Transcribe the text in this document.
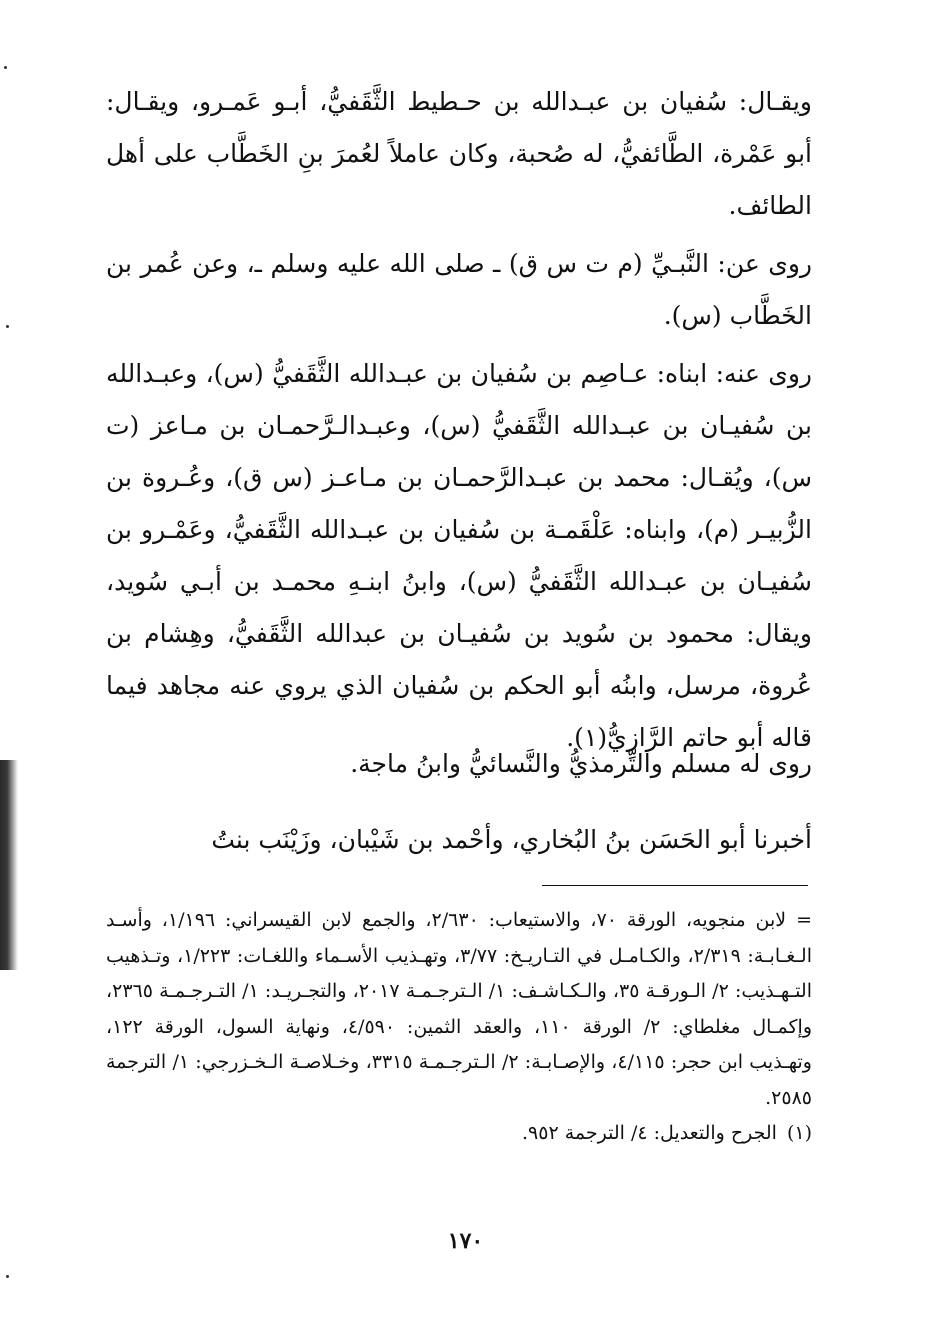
ويقـال: سُفيان بن عبـدالله بن حـطيط الثَّقَفيُّ، أبـو عَمـرو، ويقـال: أبو عَمْرة، الطَّائفيُّ، له صُحبة، وكان عاملاً لعُمرَ بنِ الخَطَّاب على أهل الطائف.

روى عن: النَّبـيِّ (م ت س ق) ـ صلى الله عليه وسلم ـ، وعن عُمر بن الخَطَّاب (س).

روى عنه: ابناه: عـاصِم بن سُفيان بن عبـدالله الثَّقَفيُّ (س)، وعبـدالله بن سُفيـان بن عبـدالله الثَّقَفيُّ (س)، وعبـدالـرَّحمـان بن مـاعز (ت س)، ويُقـال: محمد بن عبـدالرَّحمـان بن مـاعـز (س ق)، وعُـروة بن الزُّبيـر (م)، وابناه: عَلْقَمـة بن سُفيان بن عبـدالله الثَّقَفيُّ، وعَمْـرو بن سُفيـان بن عبـدالله الثَّقَفيُّ (س)، وابنُ ابنـهِ محمـد بن أبـي سُويد، ويقال: محمود بن سُويد بن سُفيـان بن عبدالله الثَّقَفيُّ، وهِشام بن عُروة، مرسل، وابنُه أبو الحكم بن سُفيان الذي يروي عنه مجاهد فيما قاله أبو حاتم الرَّازيُّ(١).

روى له مسلم والتِّرمذيُّ والنَّسائيُّ وابنُ ماجة.

أخبرنا أبو الحَسَن بنُ البُخاري، وأحْمد بن شَيْبان، وزَيْنَب بنتُ

=لابن منجويه، الورقة ٧٠، والاستيعاب: ٢/٦٣٠، والجمع لابن القيسراني: ١/١٩٦، وأسـد الـغـابـة: ٢/٣١٩، والكـامـل في التـاريـخ: ٣/٧٧، وتهـذيب الأسـماء واللغـات: ١/٢٢٣، وتـذهيب التـهـذيب: ٢/ الـورقـة ٣٥، والـكـاشـف: ١/ الـترجـمـة ٢٠١٧، والتجـريـد: ١/ التـرجـمـة ٢٣٦٥، وإكمـال مغلطاي: ٢/ الورقة ١١٠، والعقد الثمين: ٤/٥٩٠، ونهاية السول، الورقة ١٢٢، وتهـذيب ابن حجر: ٤/١١٥، والإصـابـة: ٢/ الـترجـمـة ٣٣١٥، وخـلاصـة الـخـزرجي: ١/ الترجمة ٢٥٨٥.

(١)الجرح والتعديل: ٤/ الترجمة ٩٥٢.

١٧٠
